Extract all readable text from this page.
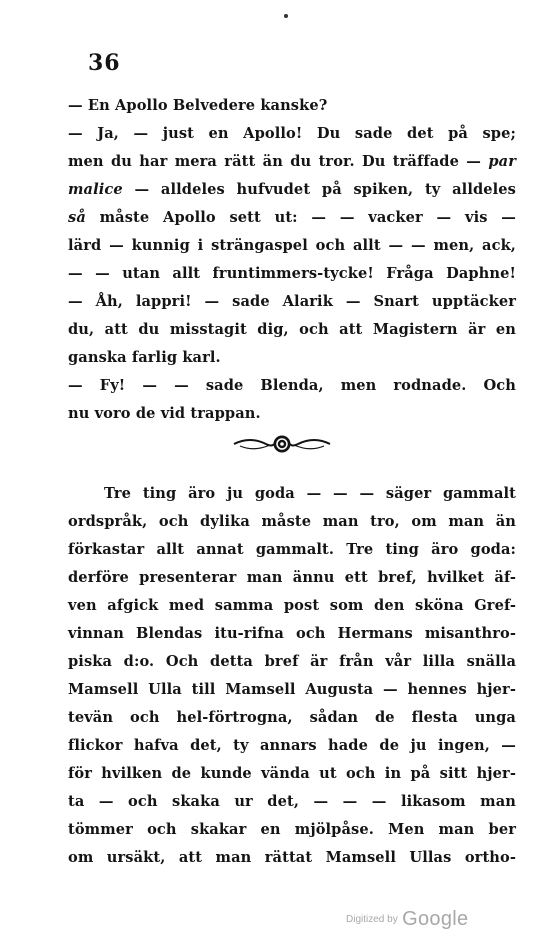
36
— En Apollo Belvedere kanske?
— Ja, — just en Apollo! Du sade det på spe;
men du har mera rätt än du tror. Du träffade — par
malice — alldeles hufvudet på spiken, ty alldeles
så måste Apollo sett ut: — — vacker — vis —
lärd — kunnig i strängaspel och allt — — men, ack,
— — utan allt fruntimmers-tycke! Fråga Daphne!
— Åh, lappri! — sade Alarik — Snart upptäcker
du, att du misstagit dig, och att Magistern är en
ganska farlig karl.
— Fy! — — sade Blenda, men rodnade. Och
nu voro de vid trappan.
Tre ting äro ju goda — — — säger gammalt
ordspråk, och dylika måste man tro, om man än
förkastar allt annat gammalt. Tre ting äro goda:
derföre presenterar man ännu ett bref, hvilket äf-
ven afgick med samma post som den sköna Gref-
vinnan Blendas itu-rifna och Hermans misanthro-
piska d:o. Och detta bref är från vår lilla snälla
Mamsell Ulla till Mamsell Augusta — hennes hjer-
tevän och hel-förtrogna, sådan de flesta unga
flickor hafva det, ty annars hade de ju ingen, —
för hvilken de kunde vända ut och in på sitt hjer-
ta — och skaka ur det, — — — likasom man
tömmer och skakar en mjölpåse. Men man ber
om ursäkt, att man rättat Mamsell Ullas ortho-
Digitized by Google
